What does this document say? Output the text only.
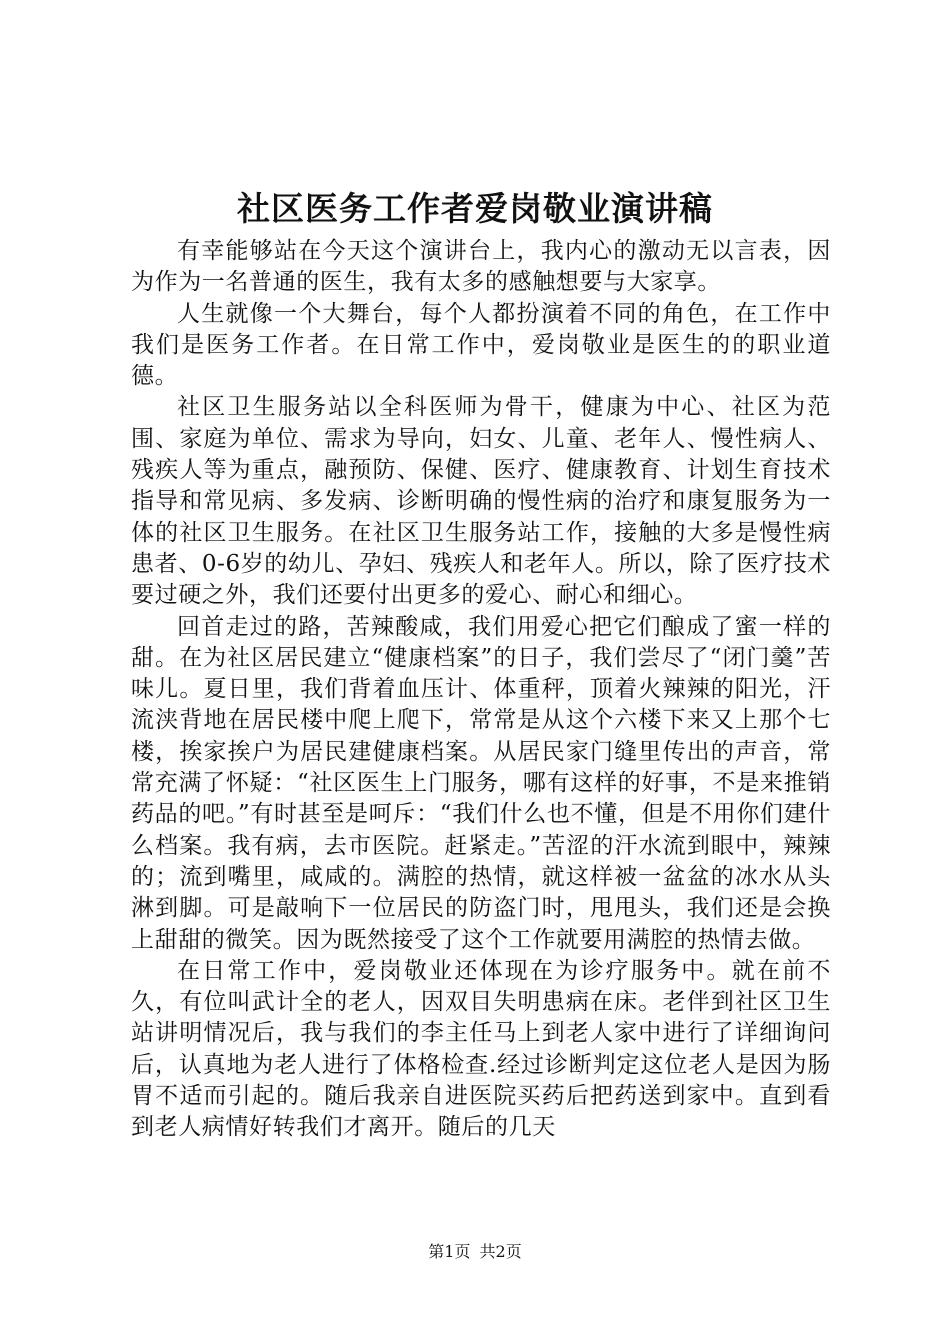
社区医务工作者爱岗敬业演讲稿

有幸能够站在今天这个演讲台上，我内心的激动无以言表，因为作为一名普通的医生，我有太多的感触想要与大家享。

人生就像一个大舞台，每个人都扮演着不同的角色，在工作中我们是医务工作者。在日常工作中，爱岗敬业是医生的的职业道德。

社区卫生服务站以全科医师为骨干，健康为中心、社区为范围、家庭为单位、需求为导向，妇女、儿童、老年人、慢性病人、残疾人等为重点，融预防、保健、医疗、健康教育、计划生育技术指导和常见病、多发病、诊断明确的慢性病的治疗和康复服务为一体的社区卫生服务。在社区卫生服务站工作，接触的大多是慢性病患者、0-6岁的幼儿、孕妇、残疾人和老年人。所以，除了医疗技术要过硬之外，我们还要付出更多的爱心、耐心和细心。

回首走过的路，苦辣酸咸，我们用爱心把它们酿成了蜜一样的甜。在为社区居民建立“健康档案”的日子，我们尝尽了“闭门羹”苦味儿。夏日里，我们背着血压计、体重秤，顶着火辣辣的阳光，汗流浃背地在居民楼中爬上爬下，常常是从这个六楼下来又上那个七楼，挨家挨户为居民建健康档案。从居民家门缝里传出的声音，常常充满了怀疑：“社区医生上门服务，哪有这样的好事，不是来推销药品的吧。”有时甚至是呵斥：“我们什么也不懂，但是不用你们建什么档案。我有病，去市医院。赶紧走。”苦涩的汗水流到眼中，辣辣的；流到嘴里，咸咸的。满腔的热情，就这样被一盆盆的冰水从头淋到脚。可是敲响下一位居民的防盗门时，甩甩头，我们还是会换上甜甜的微笑。因为既然接受了这个工作就要用满腔的热情去做。

在日常工作中，爱岗敬业还体现在为诊疗服务中。就在前不久，有位叫武计全的老人，因双目失明患病在床。老伴到社区卫生站讲明情况后，我与我们的李主任马上到老人家中进行了详细询问后，认真地为老人进行了体格检查.经过诊断判定这位老人是因为肠胃不适而引起的。随后我亲自进医院买药后把药送到家中。直到看到老人病情好转我们才离开。随后的几天

第1页 共2页
